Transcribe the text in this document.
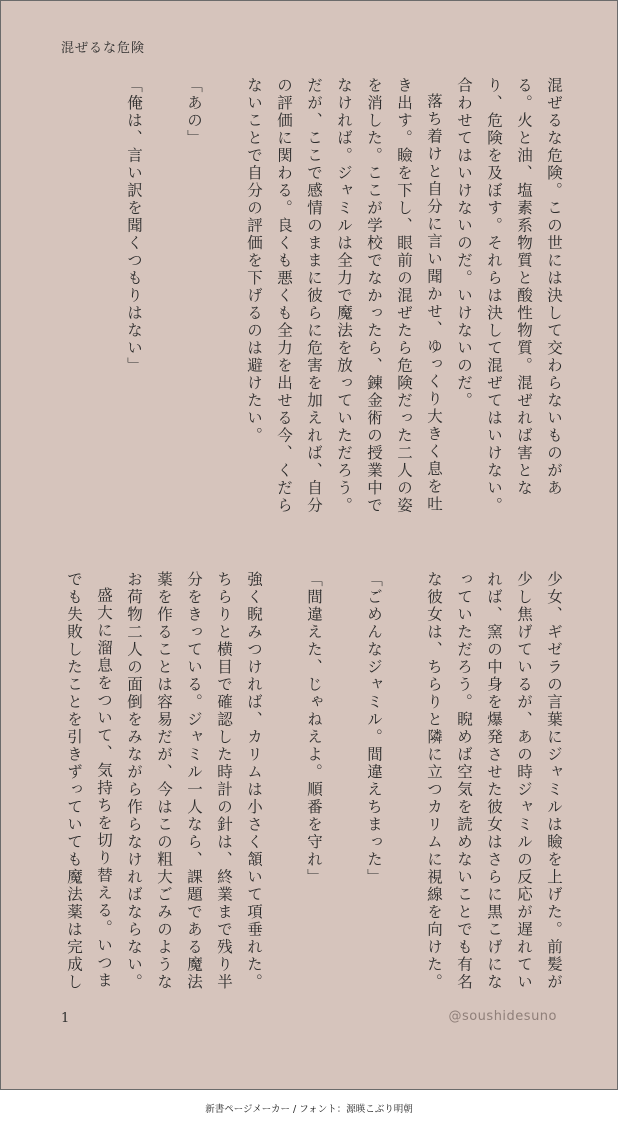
混ぜるな危険
混ぜるな危険。この世には決して交わらないものがある。火と油、塩素系物質と酸性物質。混ぜれば害となり、危険を及ぼす。それらは決して混ぜてはいけない。合わせてはいけないのだ。いけないのだ。
落ち着けと自分に言い聞かせ、ゆっくり大きく息を吐き出す。瞼を下し、眼前の混ぜたら危険だった二人の姿を消した。ここが学校でなかったら、錬金術の授業中でなければ。ジャミルは全力で魔法を放っていただろう。だが、ここで感情のままに彼らに危害を加えれば、自分の評価に関わる。良くも悪くも全力を出せる今、くだらないことで自分の評価を下げるのは避けたい。
「あの」
「俺は、言い訳を聞くつもりはない」
少女、ギゼラの言葉にジャミルは瞼を上げた。前髪が少し焦げているが、あの時ジャミルの反応が遅れていれば、窯の中身を爆発させた彼女はさらに黒こげになっていただろう。睨めば空気を読めないことでも有名な彼女は、ちらりと隣に立つカリムに視線を向けた。
「ごめんなジャミル。間違えちまった」
「間違えた、じゃねえよ。順番を守れ」
強く睨みつければ、カリムは小さく頷いて項垂れた。ちらりと横目で確認した時計の針は、終業まで残り半分をきっている。ジャミル一人なら、課題である魔法薬を作ることは容易だが、今はこの粗大ごみのようなお荷物二人の面倒をみながら作らなければならない。
盛大に溜息をついて、気持ちを切り替える。いつまでも失敗したことを引きずっていても魔法薬は完成し
1	@soushidesuno
新書ページメーカー / フォント：源暎こぶり明朝
